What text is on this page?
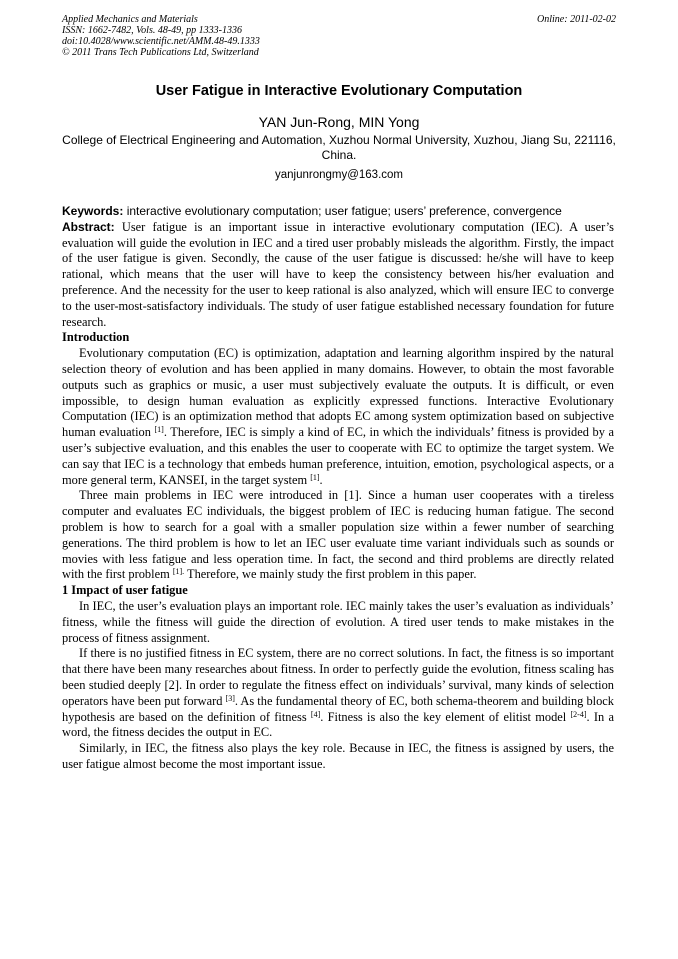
Applied Mechanics and Materials
ISSN: 1662-7482, Vols. 48-49, pp 1333-1336
doi:10.4028/www.scientific.net/AMM.48-49.1333
© 2011 Trans Tech Publications Ltd, Switzerland
Online: 2011-02-02
User Fatigue in Interactive Evolutionary Computation
YAN Jun-Rong, MIN Yong
College of Electrical Engineering and Automation, Xuzhou Normal University, Xuzhou, Jiang Su, 221116, China.
yanjunrongmy@163.com

Keywords: interactive evolutionary computation; user fatigue; users’ preference, convergence

Abstract: User fatigue is an important issue in interactive evolutionary computation (IEC). A user’s evaluation will guide the evolution in IEC and a tired user probably misleads the algorithm. Firstly, the impact of the user fatigue is given. Secondly, the cause of the user fatigue is discussed: he/she will have to keep rational, which means that the user will have to keep the consistency between his/her evaluation and preference. And the necessity for the user to keep rational is also analyzed, which will ensure IEC to converge to the user-most-satisfactory individuals. The study of user fatigue established necessary foundation for future research.

Introduction

Evolutionary computation (EC) is optimization, adaptation and learning algorithm inspired by the natural selection theory of evolution and has been applied in many domains. However, to obtain the most favorable outputs such as graphics or music, a user must subjectively evaluate the outputs. It is difficult, or even impossible, to design human evaluation as explicitly expressed functions. Interactive Evolutionary Computation (IEC) is an optimization method that adopts EC among system optimization based on subjective human evaluation [1]. Therefore, IEC is simply a kind of EC, in which the individuals’ fitness is provided by a user’s subjective evaluation, and this enables the user to cooperate with EC to optimize the target system. We can say that IEC is a technology that embeds human preference, intuition, emotion, psychological aspects, or a more general term, KANSEI, in the target system [1].

Three main problems in IEC were introduced in [1]. Since a human user cooperates with a tireless computer and evaluates EC individuals, the biggest problem of IEC is reducing human fatigue. The second problem is how to search for a goal with a smaller population size within a fewer number of searching generations. The third problem is how to let an IEC user evaluate time variant individuals such as sounds or movies with less fatigue and less operation time. In fact, the second and third problems are directly related with the first problem $^{[1].}$ Therefore, we mainly study the first problem in this paper.

1 Impact of user fatigue

In IEC, the user’s evaluation plays an important role. IEC mainly takes the user’s evaluation as individuals’ fitness, while the fitness will guide the direction of evolution. A tired user tends to make mistakes in the process of fitness assignment.

If there is no justified fitness in EC system, there are no correct solutions. In fact, the fitness is so important that there have been many researches about fitness. In order to perfectly guide the evolution, fitness scaling has been studied deeply [2]. In order to regulate the fitness effect on individuals’ survival, many kinds of selection operators have been put forward [3]. As the fundamental theory of EC, both schema-theorem and building block hypothesis are based on the definition of fitness [4]. Fitness is also the key element of elitist model [2-4]. In a word, the fitness decides the output in EC.

Similarly, in IEC, the fitness also plays the key role. Because in IEC, the fitness is assigned by users, the user fatigue almost become the most important issue.
